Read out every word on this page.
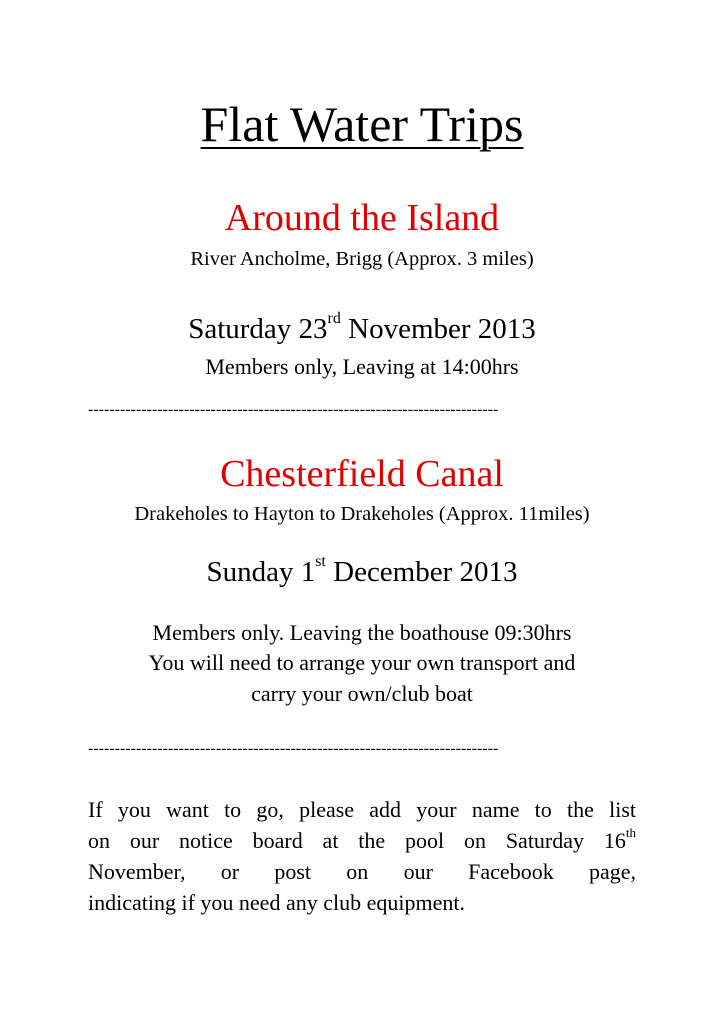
Flat Water Trips
Around the Island
River Ancholme, Brigg (Approx. 3 miles)
Saturday 23rd November 2013
Members only, Leaving at 14:00hrs
-----------------------------------------------------------------------------
Chesterfield Canal
Drakeholes to Hayton to Drakeholes (Approx. 11miles)
Sunday 1st December 2013
Members only. Leaving the boathouse 09:30hrs
You will need to arrange your own transport and
carry your own/club boat
-----------------------------------------------------------------------------
If you want to go, please add your name to the list
on our notice board at the pool on Saturday 16th
November, or post on our Facebook page,
indicating if you need any club equipment.
